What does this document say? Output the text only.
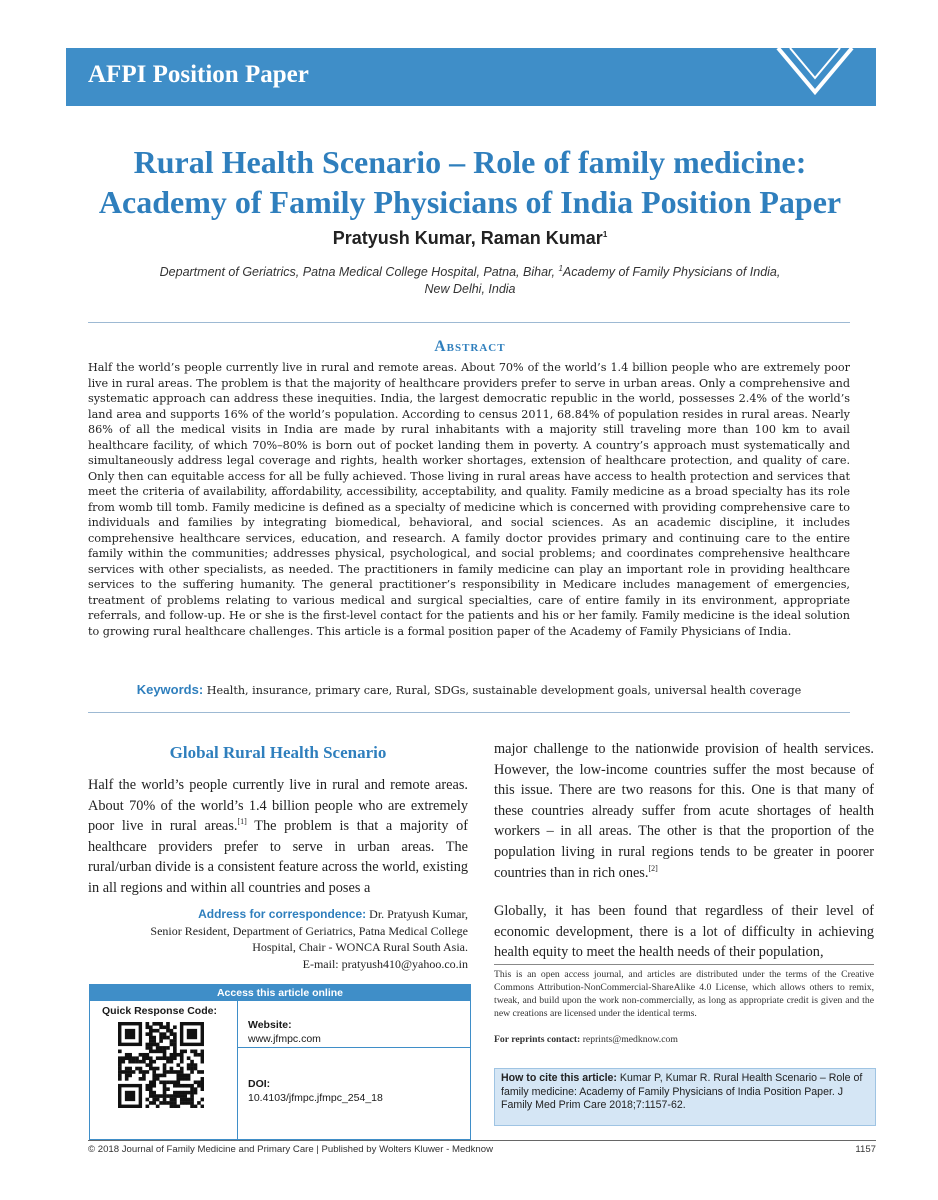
AFPI Position Paper
Rural Health Scenario – Role of family medicine:
Academy of Family Physicians of India Position Paper
Pratyush Kumar, Raman Kumar$^1$
Department of Geriatrics, Patna Medical College Hospital, Patna, Bihar, $^1$Academy of Family Physicians of India,
New Delhi, India
Abstract
Half the world’s people currently live in rural and remote areas. About 70% of the world’s 1.4 billion people who are extremely poor live in rural areas. The problem is that the majority of healthcare providers prefer to serve in urban areas. Only a comprehensive and systematic approach can address these inequities. India, the largest democratic republic in the world, possesses 2.4% of the world’s land area and supports 16% of the world’s population. According to census 2011, 68.84% of population resides in rural areas. Nearly 86% of all the medical visits in India are made by rural inhabitants with a majority still traveling more than 100 km to avail healthcare facility, of which 70%–80% is born out of pocket landing them in poverty. A country’s approach must systematically and simultaneously address legal coverage and rights, health worker shortages, extension of healthcare protection, and quality of care. Only then can equitable access for all be fully achieved. Those living in rural areas have access to health protection and services that meet the criteria of availability, affordability, accessibility, acceptability, and quality. Family medicine as a broad specialty has its role from womb till tomb. Family medicine is defined as a specialty of medicine which is concerned with providing comprehensive care to individuals and families by integrating biomedical, behavioral, and social sciences. As an academic discipline, it includes comprehensive healthcare services, education, and research. A family doctor provides primary and continuing care to the entire family within the communities; addresses physical, psychological, and social problems; and coordinates comprehensive healthcare services with other specialists, as needed. The practitioners in family medicine can play an important role in providing healthcare services to the suffering humanity. The general practitioner’s responsibility in Medicare includes management of emergencies, treatment of problems relating to various medical and surgical specialties, care of entire family in its environment, appropriate referrals, and follow-up. He or she is the first-level contact for the patients and his or her family. Family medicine is the ideal solution to growing rural healthcare challenges. This article is a formal position paper of the Academy of Family Physicians of India.
Keywords: Health, insurance, primary care, Rural, SDGs, sustainable development goals, universal health coverage
Global Rural Health Scenario

Half the world’s people currently live in rural and remote areas. About 70% of the world’s 1.4 billion people who are extremely poor live in rural areas.[1] The problem is that a majority of healthcare providers prefer to serve in urban areas. The rural/urban divide is a consistent feature across the world, existing in all regions and within all countries and poses a

major challenge to the nationwide provision of health services. However, the low-income countries suffer the most because of this issue. There are two reasons for this. One is that many of these countries already suffer from acute shortages of health workers – in all areas. The other is that the proportion of the population living in rural regions tends to be greater in poorer countries than in rich ones.[2]

Globally, it has been found that regardless of their level of economic development, there is a lot of difficulty in achieving health equity to meet the health needs of their population,

Address for correspondence: Dr. Pratyush Kumar,
Senior Resident, Department of Geriatrics, Patna Medical College
Hospital, Chair - WONCA Rural South Asia.
E-mail: pratyush410@yahoo.co.in
Access this article online
Quick Response Code:
Website:
www.jfmpc.com
DOI:
10.4103/jfmpc.jfmpc_254_18
This is an open access journal, and articles are distributed under the terms of the Creative Commons Attribution-NonCommercial-ShareAlike 4.0 License, which allows others to remix, tweak, and build upon the work non-commercially, as long as appropriate credit is given and the new creations are licensed under the identical terms.
For reprints contact: reprints@medknow.com
How to cite this article: Kumar P, Kumar R. Rural Health Scenario – Role of family medicine: Academy of Family Physicians of India Position Paper. J Family Med Prim Care 2018;7:1157-62.
© 2018 Journal of Family Medicine and Primary Care | Published by Wolters Kluwer - Medknow	1157
